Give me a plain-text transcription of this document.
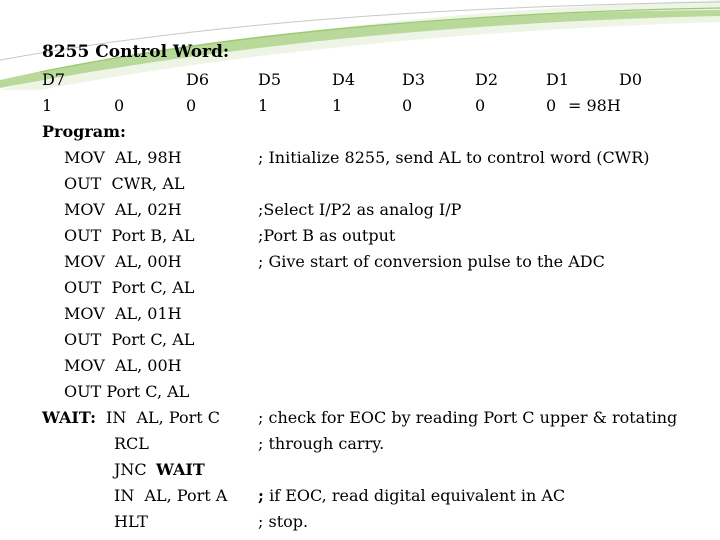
8255 Control Word:
D7	D6	D5	D4	D3	D2	D1	D0
1	0	0	1	1	0	0	0 = 98H
Program:
MOV  AL, 98H	; Initialize 8255, send AL to control word (CWR)
OUT  CWR, AL
MOV  AL, 02H	;Select I/P2 as analog I/P
OUT  Port B, AL	;Port B as output
MOV  AL, 00H	; Give start of conversion pulse to the ADC
OUT  Port C, AL
MOV  AL, 01H
OUT  Port C, AL
MOV  AL, 00H
OUT Port C, AL
WAIT: IN  AL, Port C ; check for EOC by reading Port C upper & rotating
RCL	; through carry.
JNC WAIT
IN  AL, Port A ; if EOC, read digital equivalent in AC
HLT	; stop.
